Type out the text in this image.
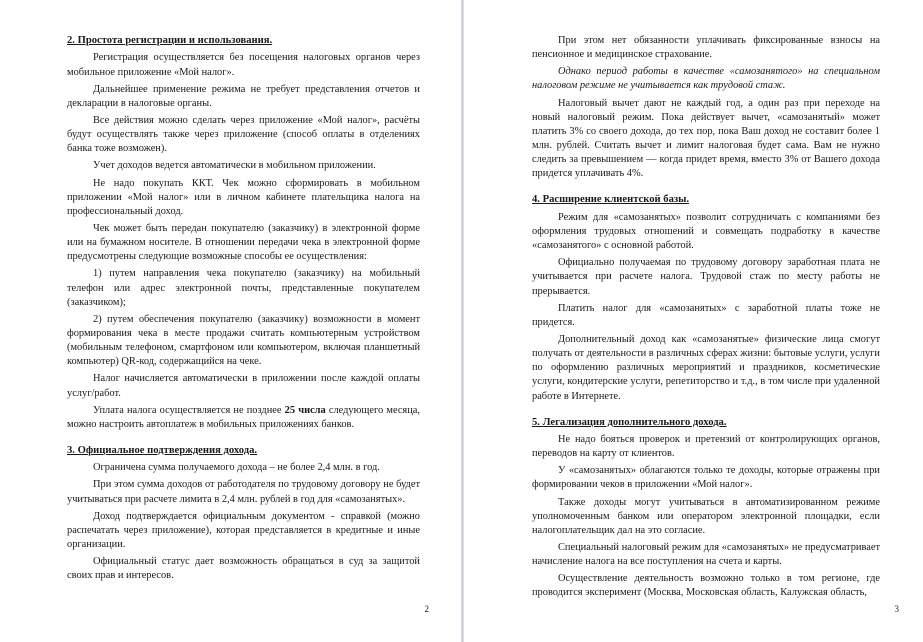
2. Простота регистрации и использования.

Регистрация осуществляется без посещения налоговых органов через мобильное приложение «Мой налог».

Дальнейшее применение режима не требует представления отчетов и декларации в налоговые органы.

Все действия можно сделать через приложение «Мой налог», расчёты будут осуществлять также через приложение (способ оплаты в отделениях банка тоже возможен).

Учет доходов ведется автоматически в мобильном приложении.

Не надо покупать ККТ. Чек можно сформировать в мобильном приложении «Мой налог» или в личном кабинете плательщика налога на профессиональный доход.

Чек может быть передан покупателю (заказчику) в электронной форме или на бумажном носителе. В отношении передачи чека в электронной форме предусмотрены следующие возможные способы ее осуществления:

1) путем направления чека покупателю (заказчику) на мобильный телефон или адрес электронной почты, представленные покупателем (заказчиком);

2) путем обеспечения покупателю (заказчику) возможности в момент формирования чека в месте продажи считать компьютерным устройством (мобильным телефоном, смартфоном или компьютером, включая планшетный компьютер) QR-код, содержащийся на чеке.

Налог начисляется автоматически в приложении после каждой оплаты услуг/работ.

Уплата налога осуществляется не позднее 25 числа следующего месяца, можно настроить автоплатеж в мобильных приложениях банков.

3. Официальное подтверждения дохода.

Ограничена сумма получаемого дохода – не более 2,4 млн. в год.

При этом сумма доходов от работодателя по трудовому договору не будет учитываться при расчете лимита в 2,4 млн. рублей в год для «самозанятых».

Доход подтверждается официальным документом - справкой (можно распечатать через приложение), которая представляется в кредитные и иные организации.

Официальный статус дает возможность обращаться в суд за защитой своих прав и интересов.

2

При этом нет обязанности уплачивать фиксированные взносы на пенсионное и медицинское страхование.

Однако период работы в качестве «самозанятого» на специальном налоговом режиме не учитывается как трудовой стаж.

Налоговый вычет дают не каждый год, а один раз при переходе на новый налоговый режим. Пока действует вычет, «самозанятый» может платить 3% со своего дохода, до тех пор, пока Ваш доход не составит более 1 млн. рублей. Считать вычет и лимит налоговая будет сама. Вам не нужно следить за превышением — когда придет время, вместо 3% от Вашего дохода придется уплачивать 4%.

4. Расширение клиентской базы.

Режим для «самозанятых» позволит сотрудничать с компаниями без оформления трудовых отношений и совмещать подработку в качестве «самозанятого» с основной работой.

Официально получаемая по трудовому договору заработная плата не учитывается при расчете налога. Трудовой стаж по месту работы не прерывается.

Платить налог для «самозанятых» с заработной платы тоже не придется.

Дополнительный доход как «самозанятые» физические лица смогут получать от деятельности в различных сферах жизни: бытовые услуги, услуги по оформлению различных мероприятий и праздников, косметические услуги, кондитерские услуги, репетиторство и т.д., в том числе при удаленной работе в Интернете.

5. Легализация дополнительного дохода.

Не надо бояться проверок и претензий от контролирующих органов, переводов на карту от клиентов.

У «самозанятых» облагаются только те доходы, которые отражены при формировании чеков в приложении «Мой налог».

Также доходы могут учитываться в автоматизированном режиме уполномоченным банком или оператором электронной площадки, если налогоплательщик дал на это согласие.

Специальный налоговый режим для «самозанятых» не предусматривает начисление налога на все поступления на счета и карты.

Осуществление деятельность возможно только в том регионе, где проводится эксперимент (Москва, Московская область, Калужская область,

3
